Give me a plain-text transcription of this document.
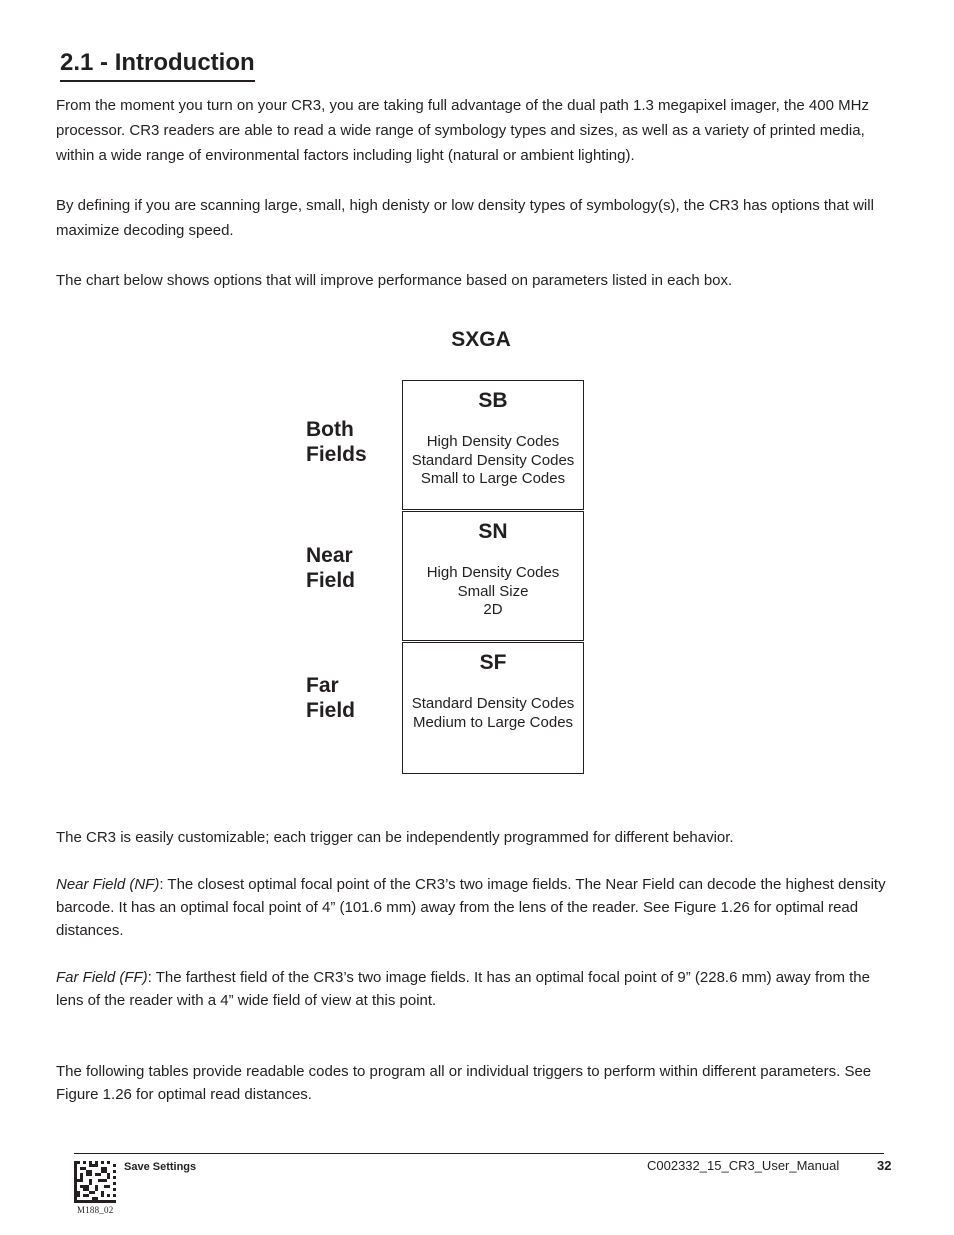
2.1 - Introduction

From the moment you turn on your CR3, you are taking full advantage of the dual path 1.3 megapixel imager, the 400 MHz processor. CR3 readers are able to read a wide range of symbology types and sizes, as well as a variety of printed media, within a wide range of environmental factors including light (natural or ambient lighting).

By defining if you are scanning large, small, high denisty or low density types of symbology(s), the CR3 has options that will maximize decoding speed.

The chart below shows options that will improve performance based on parameters listed in each box.

SXGA
Both
Fields
SB
High Density Codes
Standard Density Codes
Small to Large Codes
Near
Field
SN
High Density Codes
Small Size
2D
Far
Field
SF
Standard Density Codes
Medium to Large Codes

The CR3 is easily customizable; each trigger can be independently programmed for different behavior.

Near Field (NF): The closest optimal focal point of the CR3’s two image fields. The Near Field can decode the highest density barcode. It has an optimal focal point of 4” (101.6 mm) away from the lens of the reader. See Figure 1.26 for optimal read distances.

Far Field (FF): The farthest field of the CR3’s two image fields. It has an optimal focal point of 9” (228.6 mm) away from the lens of the reader with a 4” wide field of view at this point.

The following tables provide readable codes to program all or individual triggers to perform within different parameters. See Figure 1.26 for optimal read distances.

M188_02
Save Settings	C002332_15_CR3_User_Manual	32
